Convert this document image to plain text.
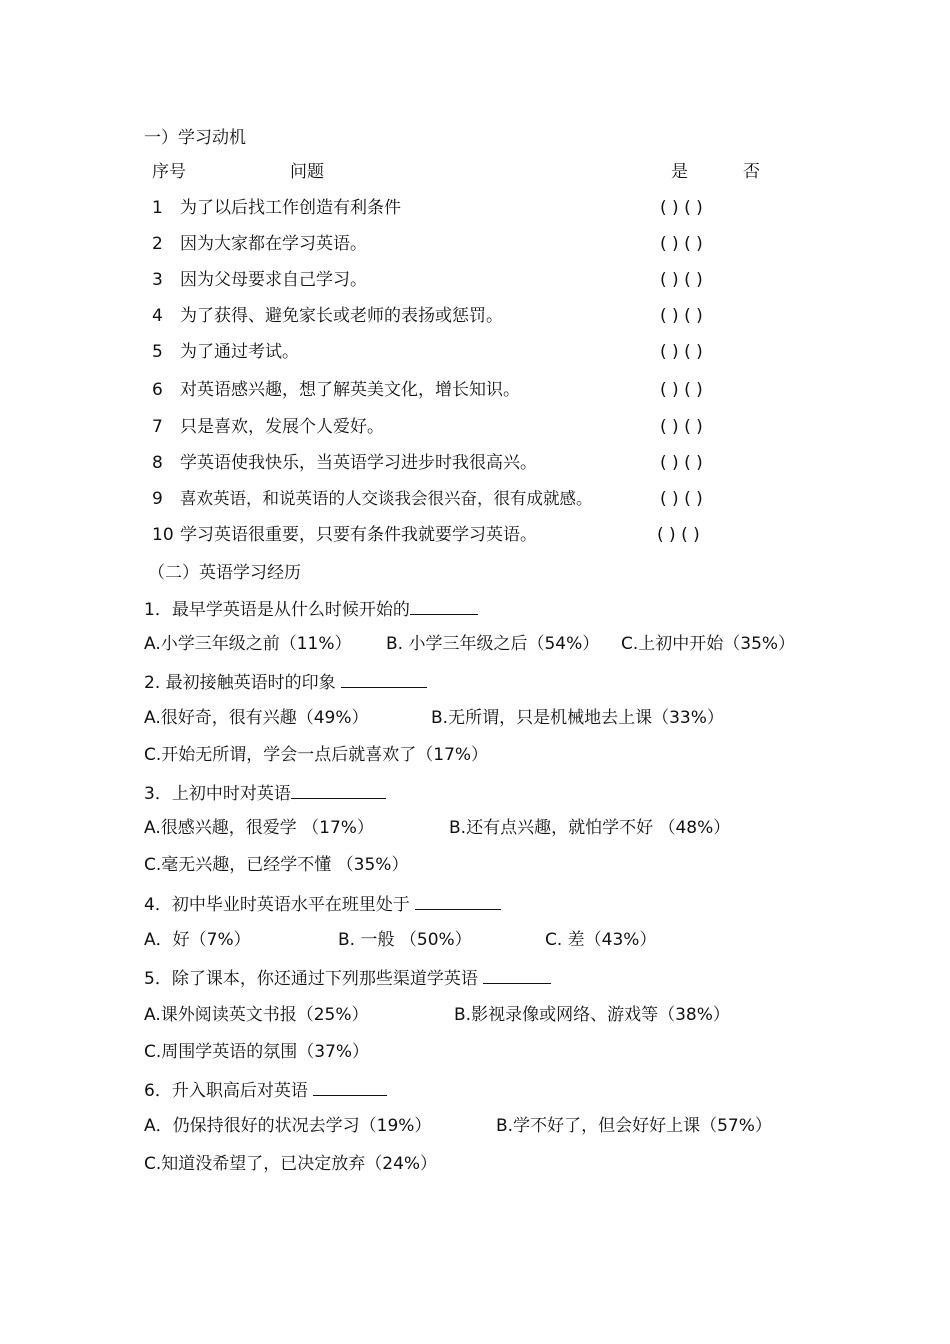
一）学习动机
序号	问题	是	否
1 为了以后找工作创造有利条件	( ) ( )
2 因为大家都在学习英语。	( ) ( )
3 因为父母要求自己学习。	( ) ( )
4 为了获得、避免家长或老师的表扬或惩罚。	( ) ( )
5 为了通过考试。	( ) ( )
6 对英语感兴趣，想了解英美文化，增长知识。	( ) ( )
7 只是喜欢，发展个人爱好。	( ) ( )
8 学英语使我快乐，当英语学习进步时我很高兴。	( ) ( )
9 喜欢英语，和说英语的人交谈我会很兴奋，很有成就感。	( ) ( )
10 学习英语很重要，只要有条件我就要学习英语。	( ) ( )
（二）英语学习经历
1．最早学英语是从什么时候开始的
A.小学三年级之前（11%） B. 小学三年级之后（54%） C.上初中开始（35%）
2. 最初接触英语时的印象
A.很好奇，很有兴趣（49%）	B.无所谓，只是机械地去上课（33%）
C.开始无所谓，学会一点后就喜欢了（17%）
3．上初中时对英语
A.很感兴趣，很爱学 （17%）	B.还有点兴趣，就怕学不好 （48%）
C.毫无兴趣，已经学不懂 （35%）
4．初中毕业时英语水平在班里处于
A．好（7%）	B. 一般 （50%）	C. 差（43%）
5．除了课本，你还通过下列那些渠道学英语
A.课外阅读英文书报（25%）	B.影视录像或网络、游戏等（38%）
C.周围学英语的氛围（37%）
6．升入职高后对英语
A．仍保持很好的状况去学习（19%）	B.学不好了，但会好好上课（57%）
C.知道没希望了，已决定放弃（24%）
